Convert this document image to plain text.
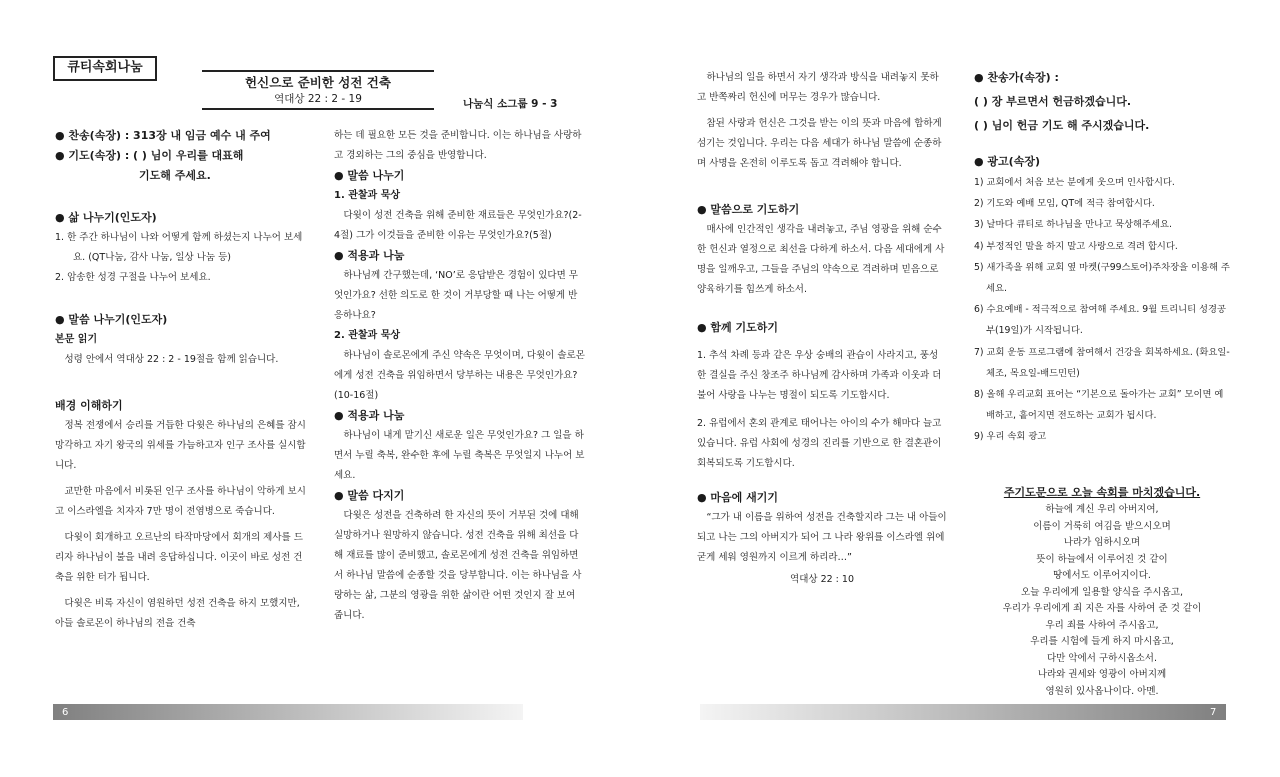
큐티속회나눔
헌신으로 준비한 성전 건축
역대상 22 : 2 - 19	나눔식 소그룹 9 - 3

● 찬송(속장) : 313장 내 임금 예수 내 주여

● 기도(속장) : ( ) 님이 우리를 대표해

기도해 주세요.

● 삶 나누기(인도자)

1. 한 주간 하나님이 나와 어떻게 함께 하셨는지 나누어 보세요. (QT나눔, 감사 나눔, 일상 나눔 등)

2. 암송한 성경 구절을 나누어 보세요.

● 말씀 나누기(인도자)

본문 읽기

성령 안에서 역대상 22 : 2 - 19절을 함께 읽습니다.

배경 이해하기

정복 전쟁에서 승리를 거듭한 다윗은 하나님의 은혜를 잠시 망각하고 자기 왕국의 위세를 가늠하고자 인구 조사를 실시합니다.

교만한 마음에서 비롯된 인구 조사를 하나님이 악하게 보시고 이스라엘을 치자자 7만 명이 전염병으로 죽습니다.

다윗이 회개하고 오르난의 타작마당에서 회개의 제사를 드리자 하나님이 불을 내려 응답하십니다. 이곳이 바로 성전 건축을 위한 터가 됩니다.

다윗은 비록 자신이 염원하던 성전 건축을 하지 모했지만, 아들 솔로몬이 하나님의 전을 건축

하는 데 필요한 모든 것을 준비합니다. 이는 하나님을 사랑하고 경외하는 그의 중심을 반영합니다.

● 말씀 나누기

1. 관찰과 묵상

다윗이 성전 건축을 위해 준비한 재료들은 무엇인가요?(2-4절) 그가 이것들을 준비한 이유는 무엇인가요?(5절)

● 적용과 나눔

하나님께 간구했는데, ‘NO’로 응답받은 경험이 있다면 무엇인가요? 선한 의도로 한 것이 거부당할 때 나는 어떻게 반응하나요?

2. 관찰과 묵상

하나님이 솔로몬에게 주신 약속은 무엇이며, 다윗이 솔로몬에게 성전 건축을 위임하면서 당부하는 내용은 무엇인가요?(10-16절)

● 적용과 나눔

하나님이 내게 맡기신 새로운 일은 무엇인가요? 그 일을 하면서 누릴 축복, 완수한 후에 누릴 축복은 무엇일지 나누어 보세요.

● 말씀 다지기

다윗은 성전을 건축하려 한 자신의 뜻이 거부된 것에 대해 실망하거나 원망하지 않습니다. 성전 건축을 위해 최선을 다해 재료를 많이 준비했고, 솔로몬에게 성전 건축을 위임하면서 하나님 말씀에 순종할 것을 당부합니다. 이는 하나님을 사랑하는 삶, 그분의 영광을 위한 삶이란 어떤 것인지 잘 보여 줍니다.

하나님의 일을 하면서 자기 생각과 방식을 내려놓지 못하고 반쪽짜리 헌신에 머무는 경우가 많습니다.

참된 사랑과 헌신은 그것을 받는 이의 뜻과 마음에 합하게 섬기는 것입니다. 우리는 다음 세대가 하나님 말씀에 순종하며 사명을 온전히 이루도록 돕고 격려해야 합니다.

● 말씀으로 기도하기

매사에 인간적인 생각을 내려놓고, 주님 영광을 위해 순수한 헌신과 열정으로 최선을 다하게 하소서. 다음 세대에게 사명을 일깨우고, 그들을 주님의 약속으로 격려하며 믿음으로 양육하기를 힘쓰게 하소서.

● 함께 기도하기

1. 추석 차례 등과 같은 우상 숭배의 관습이 사라지고, 풍성한 결실을 주신 창조주 하나님께 감사하며 가족과 이웃과 더불어 사랑을 나누는 명절이 되도록 기도합시다.

2. 유럽에서 혼외 관계로 태어나는 아이의 수가 해마다 늘고 있습니다. 유럽 사회에 성경의 진리를 기반으로 한 결혼관이 회복되도록 기도합시다.

● 마음에 새기기

“그가 내 이름을 위하여 성전을 건축할지라 그는 내 아들이 되고 나는 그의 아버지가 되어 그 나라 왕위를 이스라엘 위에 굳게 세워 영원까지 이르게 하리라…”

역대상 22 : 10

● 찬송가(속장) :

( ) 장 부르면서 헌금하겠습니다.

( ) 님이 헌금 기도 해 주시겠습니다.

● 광고(속장)

1) 교회에서 처음 보는 분에게 웃으며 인사합시다.

2) 기도와 예배 모임, QT에 적극 참여합시다.

3) 날마다 큐티로 하나님을 만나고 묵상해주세요.

4) 부정적인 말을 하지 말고 사랑으로 격려 합시다.

5) 새가족을 위해 교회 옆 마켓(구99스토어)주차장을 이용해 주세요.

6) 수요예배 - 적극적으로 참여해 주세요. 9월 트리니티 성경공부(19일)가 시작됩니다.

7) 교회 운동 프로그램에 참여해서 건강을 회복하세요. (화요일-체조, 목요일-배드민턴)

8) 올해 우리교회 표어는 “기본으로 돌아가는 교회” 모이면 예배하고, 흩어지면 전도하는 교회가 됩시다.

9) 우리 속회 광고

주기도문으로 오늘 속회를 마치겠습니다.
하늘에 계신 우리 아버지여,
이름이 거룩히 여김을 받으시오며
나라가 임하시오며
뜻이 하늘에서 이루어진 것 같이
땅에서도 이루어지이다.
오늘 우리에게 일용할 양식을 주시옵고,
우리가 우리에게 죄 지은 자를 사하여 준 것 같이
우리 죄를 사하여 주시옵고,
우리를 시험에 들게 하지 마시옵고,
다만 악에서 구하시옵소서.
나라와 권세와 영광이 아버지께
영원히 있사옵나이다. 아멘.
6	7
